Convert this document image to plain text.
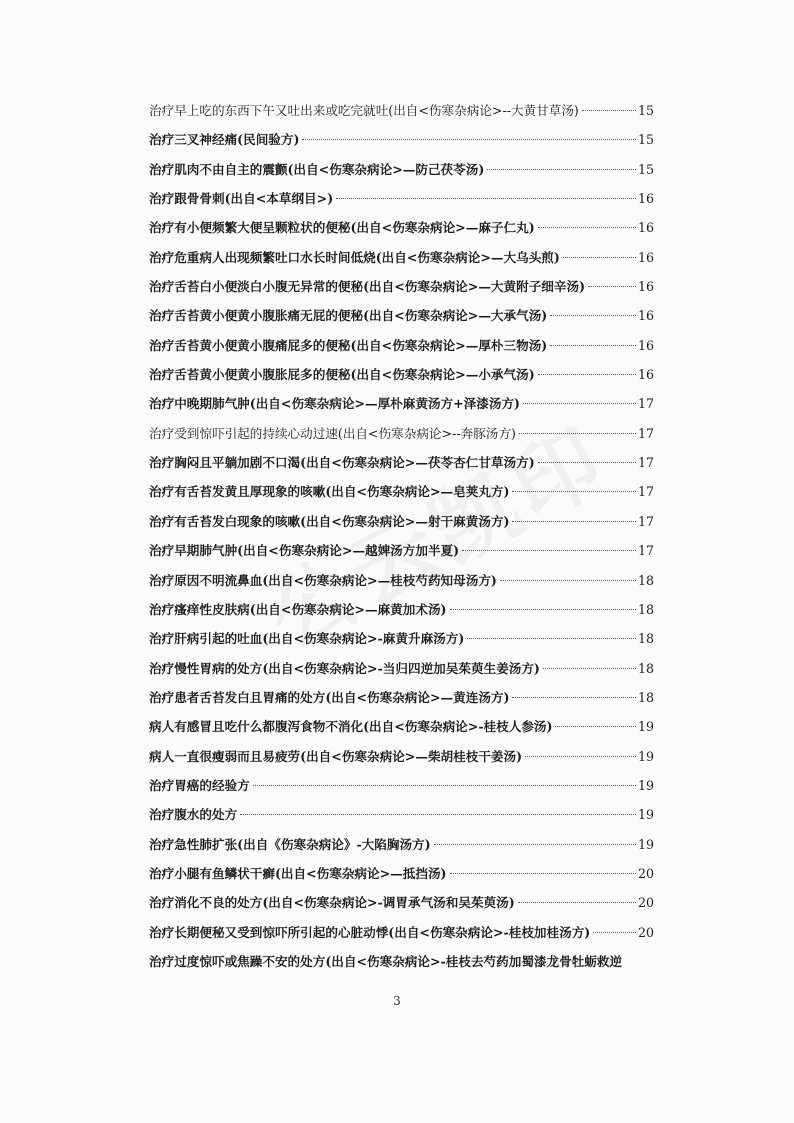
治疗早上吃的东西下午又吐出来或吃完就吐(出自<伤寒杂病论>--大黄甘草汤)	15
治疗三叉神经痛(民间验方)	15
治疗肌肉不由自主的震颤(出自<伤寒杂病论>—防己茯苓汤)	15
治疗跟骨骨刺(出自<本草纲目>)	16
治疗有小便频繁大便呈颗粒状的便秘(出自<伤寒杂病论>—麻子仁丸)	16
治疗危重病人出现频繁吐口水长时间低烧(出自<伤寒杂病论>—大乌头煎)	16
治疗舌苔白小便淡白小腹无异常的便秘(出自<伤寒杂病论>—大黄附子细辛汤)	16
治疗舌苔黄小便黄小腹胀痛无屁的便秘(出自<伤寒杂病论>—大承气汤)	16
治疗舌苔黄小便黄小腹痛屁多的便秘(出自<伤寒杂病论>—厚朴三物汤)	16
治疗舌苔黄小便黄小腹胀屁多的便秘(出自<伤寒杂病论>—小承气汤)	16
治疗中晚期肺气肿(出自<伤寒杂病论>—厚朴麻黄汤方+泽漆汤方)	17
治疗受到惊吓引起的持续心动过速(出自<伤寒杂病论>--奔豚汤方)	17
治疗胸闷且平躺加剧不口渴(出自<伤寒杂病论>—茯苓杏仁甘草汤方)	17
治疗有舌苔发黄且厚现象的咳嗽(出自<伤寒杂病论>—皂荚丸方)	17
治疗有舌苔发白现象的咳嗽(出自<伤寒杂病论>—射干麻黄汤方)	17
治疗早期肺气肿(出自<伤寒杂病论>—越婢汤方加半夏)	17
治疗原因不明流鼻血(出自<伤寒杂病论>—桂枝芍药知母汤方)	18
治疗瘙痒性皮肤病(出自<伤寒杂病论>—麻黄加术汤)	18
治疗肝病引起的吐血(出自<伤寒杂病论>-麻黄升麻汤方)	18
治疗慢性胃病的处方(出自<伤寒杂病论>-当归四逆加吴茱萸生姜汤方)	18
治疗患者舌苔发白且胃痛的处方(出自<伤寒杂病论>—黄连汤方)	18
病人有感冒且吃什么都腹泻食物不消化(出自<伤寒杂病论>-桂枝人参汤)	19
病人一直很瘦弱而且易疲劳(出自<伤寒杂病论>—柴胡桂枝干姜汤)	19
治疗胃癌的经验方	19
治疗腹水的处方	19
治疗急性肺扩张(出自《伤寒杂病论》-大陷胸汤方)	19
治疗小腿有鱼鳞状干癣(出自<伤寒杂病论>—抵挡汤)	20
治疗消化不良的处方(出自<伤寒杂病论>-调胃承气汤和吴茱萸汤)	20
治疗长期便秘又受到惊吓所引起的心脏动悸(出自<伤寒杂病论>-桂枝加桂汤方)	20
治疗过度惊吓或焦躁不安的处方(出自<伤寒杂病论>-桂枝去芍药加蜀漆龙骨牡蛎救逆
3
